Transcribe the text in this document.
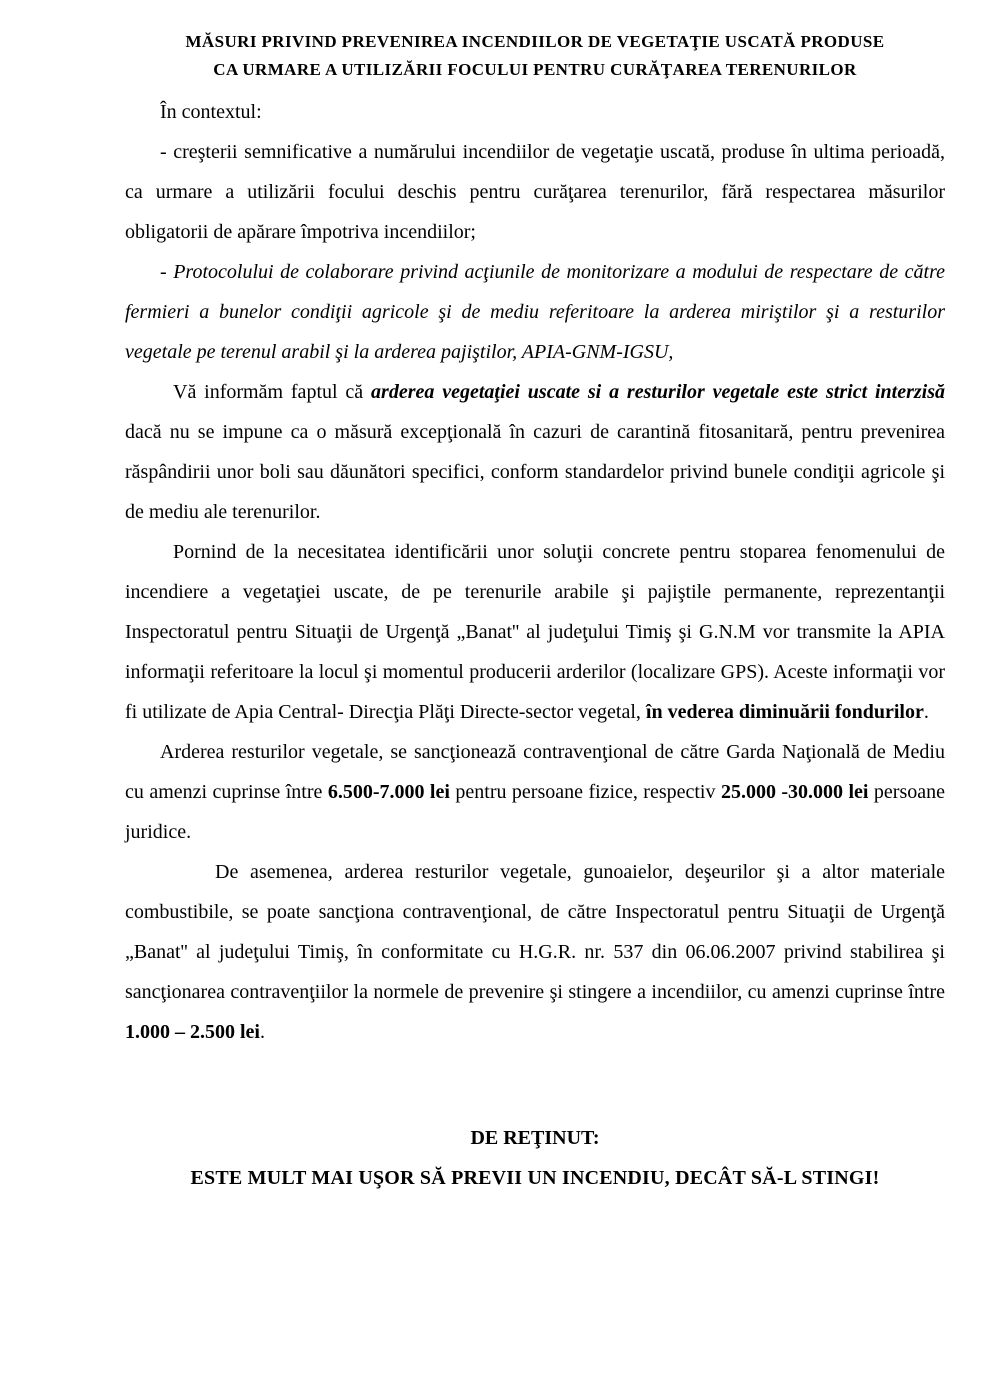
MĂSURI PRIVIND PREVENIREA INCENDIILOR DE VEGETAŢIE USCATĂ PRODUSE
CA URMARE A UTILIZĂRII FOCULUI PENTRU CURĂŢAREA TERENURILOR

În contextul:

- creşterii semnificative a numărului incendiilor de vegetaţie uscată, produse în ultima perioadă, ca urmare a utilizării focului deschis pentru curăţarea terenurilor, fără respectarea măsurilor obligatorii de apărare împotriva incendiilor;

- Protocolului de colaborare privind acţiunile de monitorizare a modului de respectare de către fermieri a bunelor condiţii agricole şi de mediu referitoare la arderea miriştilor şi a resturilor vegetale pe terenul arabil şi la arderea pajiştilor, APIA-GNM-IGSU,

Vă informăm faptul că arderea vegetaţiei uscate si a resturilor vegetale este strict interzisă dacă nu se impune ca o măsură excepţională în cazuri de carantină fitosanitară, pentru prevenirea răspândirii unor boli sau dăunători specifici, conform standardelor privind bunele condiţii agricole şi de mediu ale terenurilor.

Pornind de la necesitatea identificării unor soluţii concrete pentru stoparea fenomenului de incendiere a vegetaţiei uscate, de pe terenurile arabile şi pajiştile permanente, reprezentanţii Inspectoratul pentru Situaţii de Urgenţă „Banat'' al judeţului Timiş şi G.N.M vor transmite la APIA informaţii referitoare la locul şi momentul producerii arderilor (localizare GPS). Aceste informaţii vor fi utilizate de Apia Central- Direcţia Plăţi Directe-sector vegetal, în vederea diminuării fondurilor.

Arderea resturilor vegetale, se sancţionează contravenţional de către Garda Naţională de Mediu cu amenzi cuprinse între 6.500-7.000 lei pentru persoane fizice, respectiv 25.000 -30.000 lei persoane juridice.

De asemenea, arderea resturilor vegetale, gunoaielor, deşeurilor şi a altor materiale combustibile, se poate sancţiona contravenţional, de către Inspectoratul pentru Situaţii de Urgenţă „Banat'' al judeţului Timiş, în conformitate cu H.G.R. nr. 537 din 06.06.2007 privind stabilirea şi sancţionarea contravenţiilor la normele de prevenire şi stingere a incendiilor, cu amenzi cuprinse între 1.000 – 2.500 lei.

DE REŢINUT:

ESTE MULT MAI UŞOR SĂ PREVII UN INCENDIU, DECÂT SĂ-L STINGI!
